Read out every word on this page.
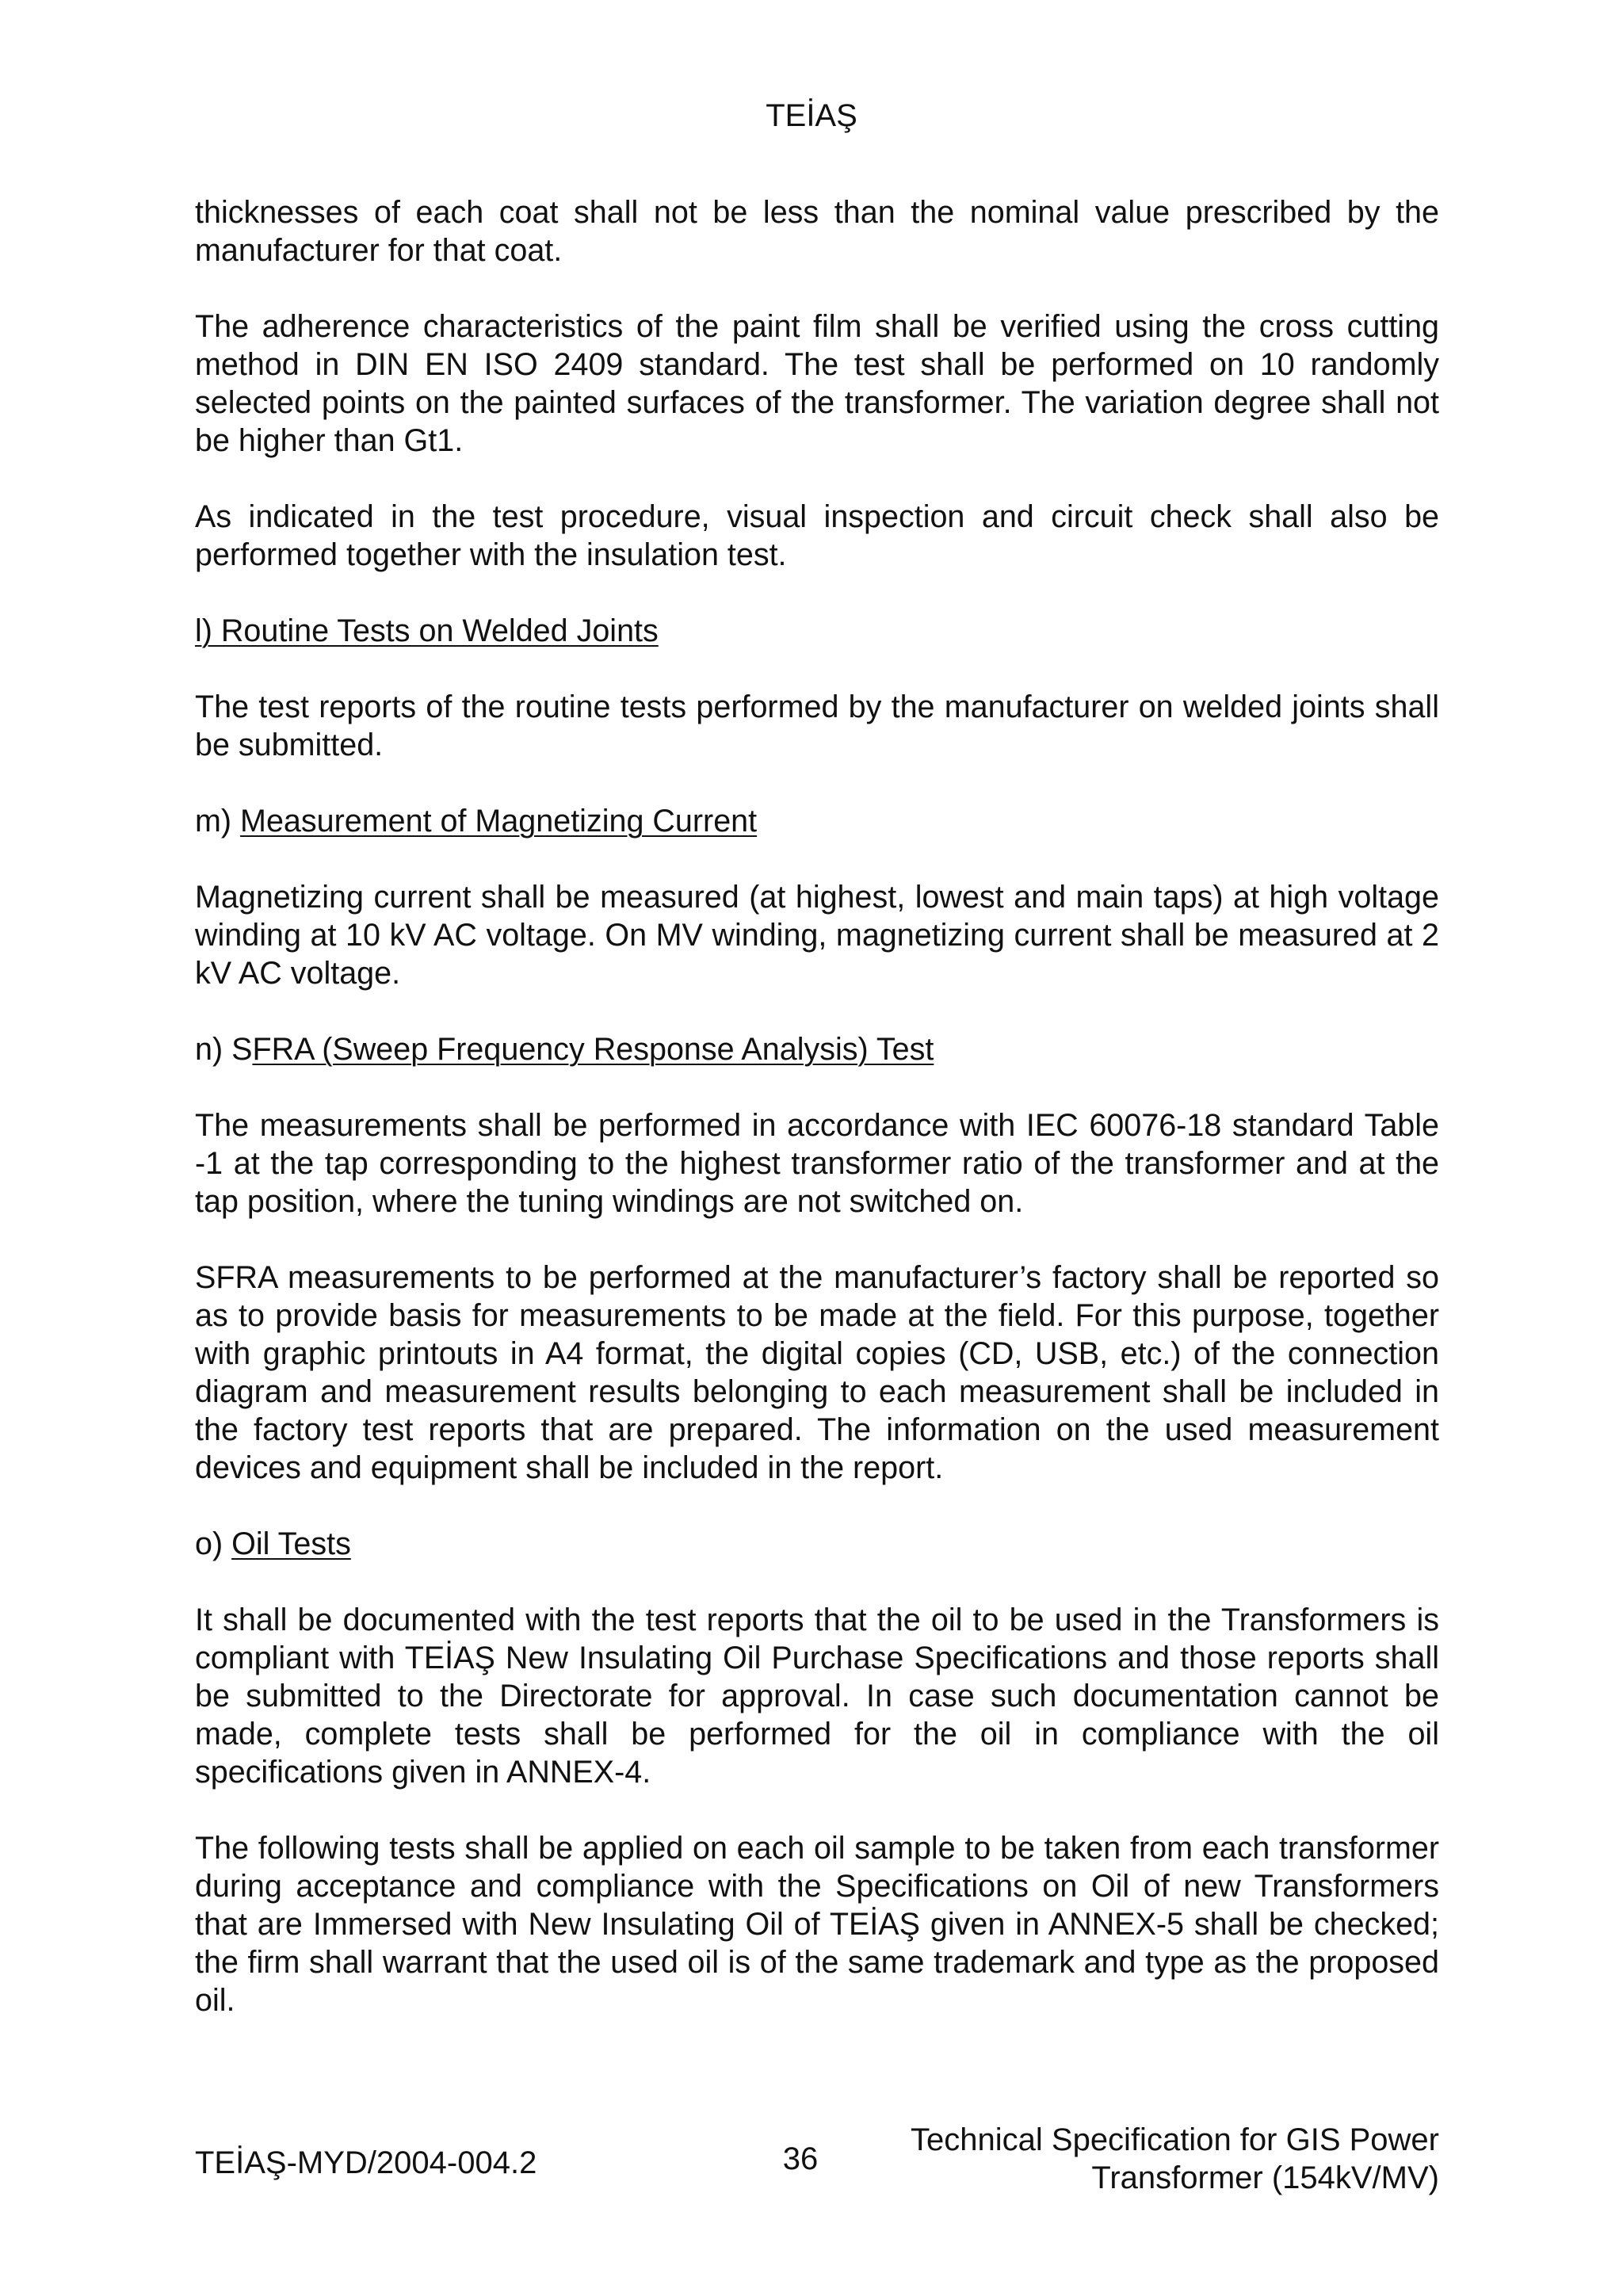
TEİAŞ

thicknesses of each coat shall not be less than the nominal value prescribed by the manufacturer for that coat.

The adherence characteristics of the paint film shall be verified using the cross cutting method in DIN EN ISO 2409 standard. The test shall be performed on 10 randomly selected points on the painted surfaces of the transformer. The variation degree shall not be higher than Gt1.

As indicated in the test procedure, visual inspection and circuit check shall also be performed together with the insulation test.

l) Routine Tests on Welded Joints

The test reports of the routine tests performed by the manufacturer on welded joints shall be submitted.

m) Measurement of Magnetizing Current

Magnetizing current shall be measured (at highest, lowest and main taps) at high voltage winding at 10 kV AC voltage. On MV winding, magnetizing current shall be measured at 2 kV AC voltage.

n) SFRA (Sweep Frequency Response Analysis) Test

The measurements shall be performed in accordance with IEC 60076-18 standard Table -1 at the tap corresponding to the highest transformer ratio of the transformer and at the tap position, where the tuning windings are not switched on.

SFRA measurements to be performed at the manufacturer’s factory shall be reported so as to provide basis for measurements to be made at the field. For this purpose, together with graphic printouts in A4 format, the digital copies (CD, USB, etc.) of the connection diagram and measurement results belonging to each measurement shall be included in the factory test reports that are prepared. The information on the used measurement devices and equipment shall be included in the report.

o) Oil Tests

It shall be documented with the test reports that the oil to be used in the Transformers is compliant with TEİAŞ New Insulating Oil Purchase Specifications and those reports shall be submitted to the Directorate for approval. In case such documentation cannot be made, complete tests shall be performed for the oil in compliance with the oil specifications given in ANNEX-4.

The following tests shall be applied on each oil sample to be taken from each transformer during acceptance and compliance with the Specifications on Oil of new Transformers that are Immersed with New Insulating Oil of TEİAŞ given in ANNEX-5 shall be checked; the firm shall warrant that the used oil is of the same trademark and type as the proposed oil.

TEİAŞ-MYD/2004-004.2	36
Technical Specification for GIS Power
Transformer (154kV/MV)
